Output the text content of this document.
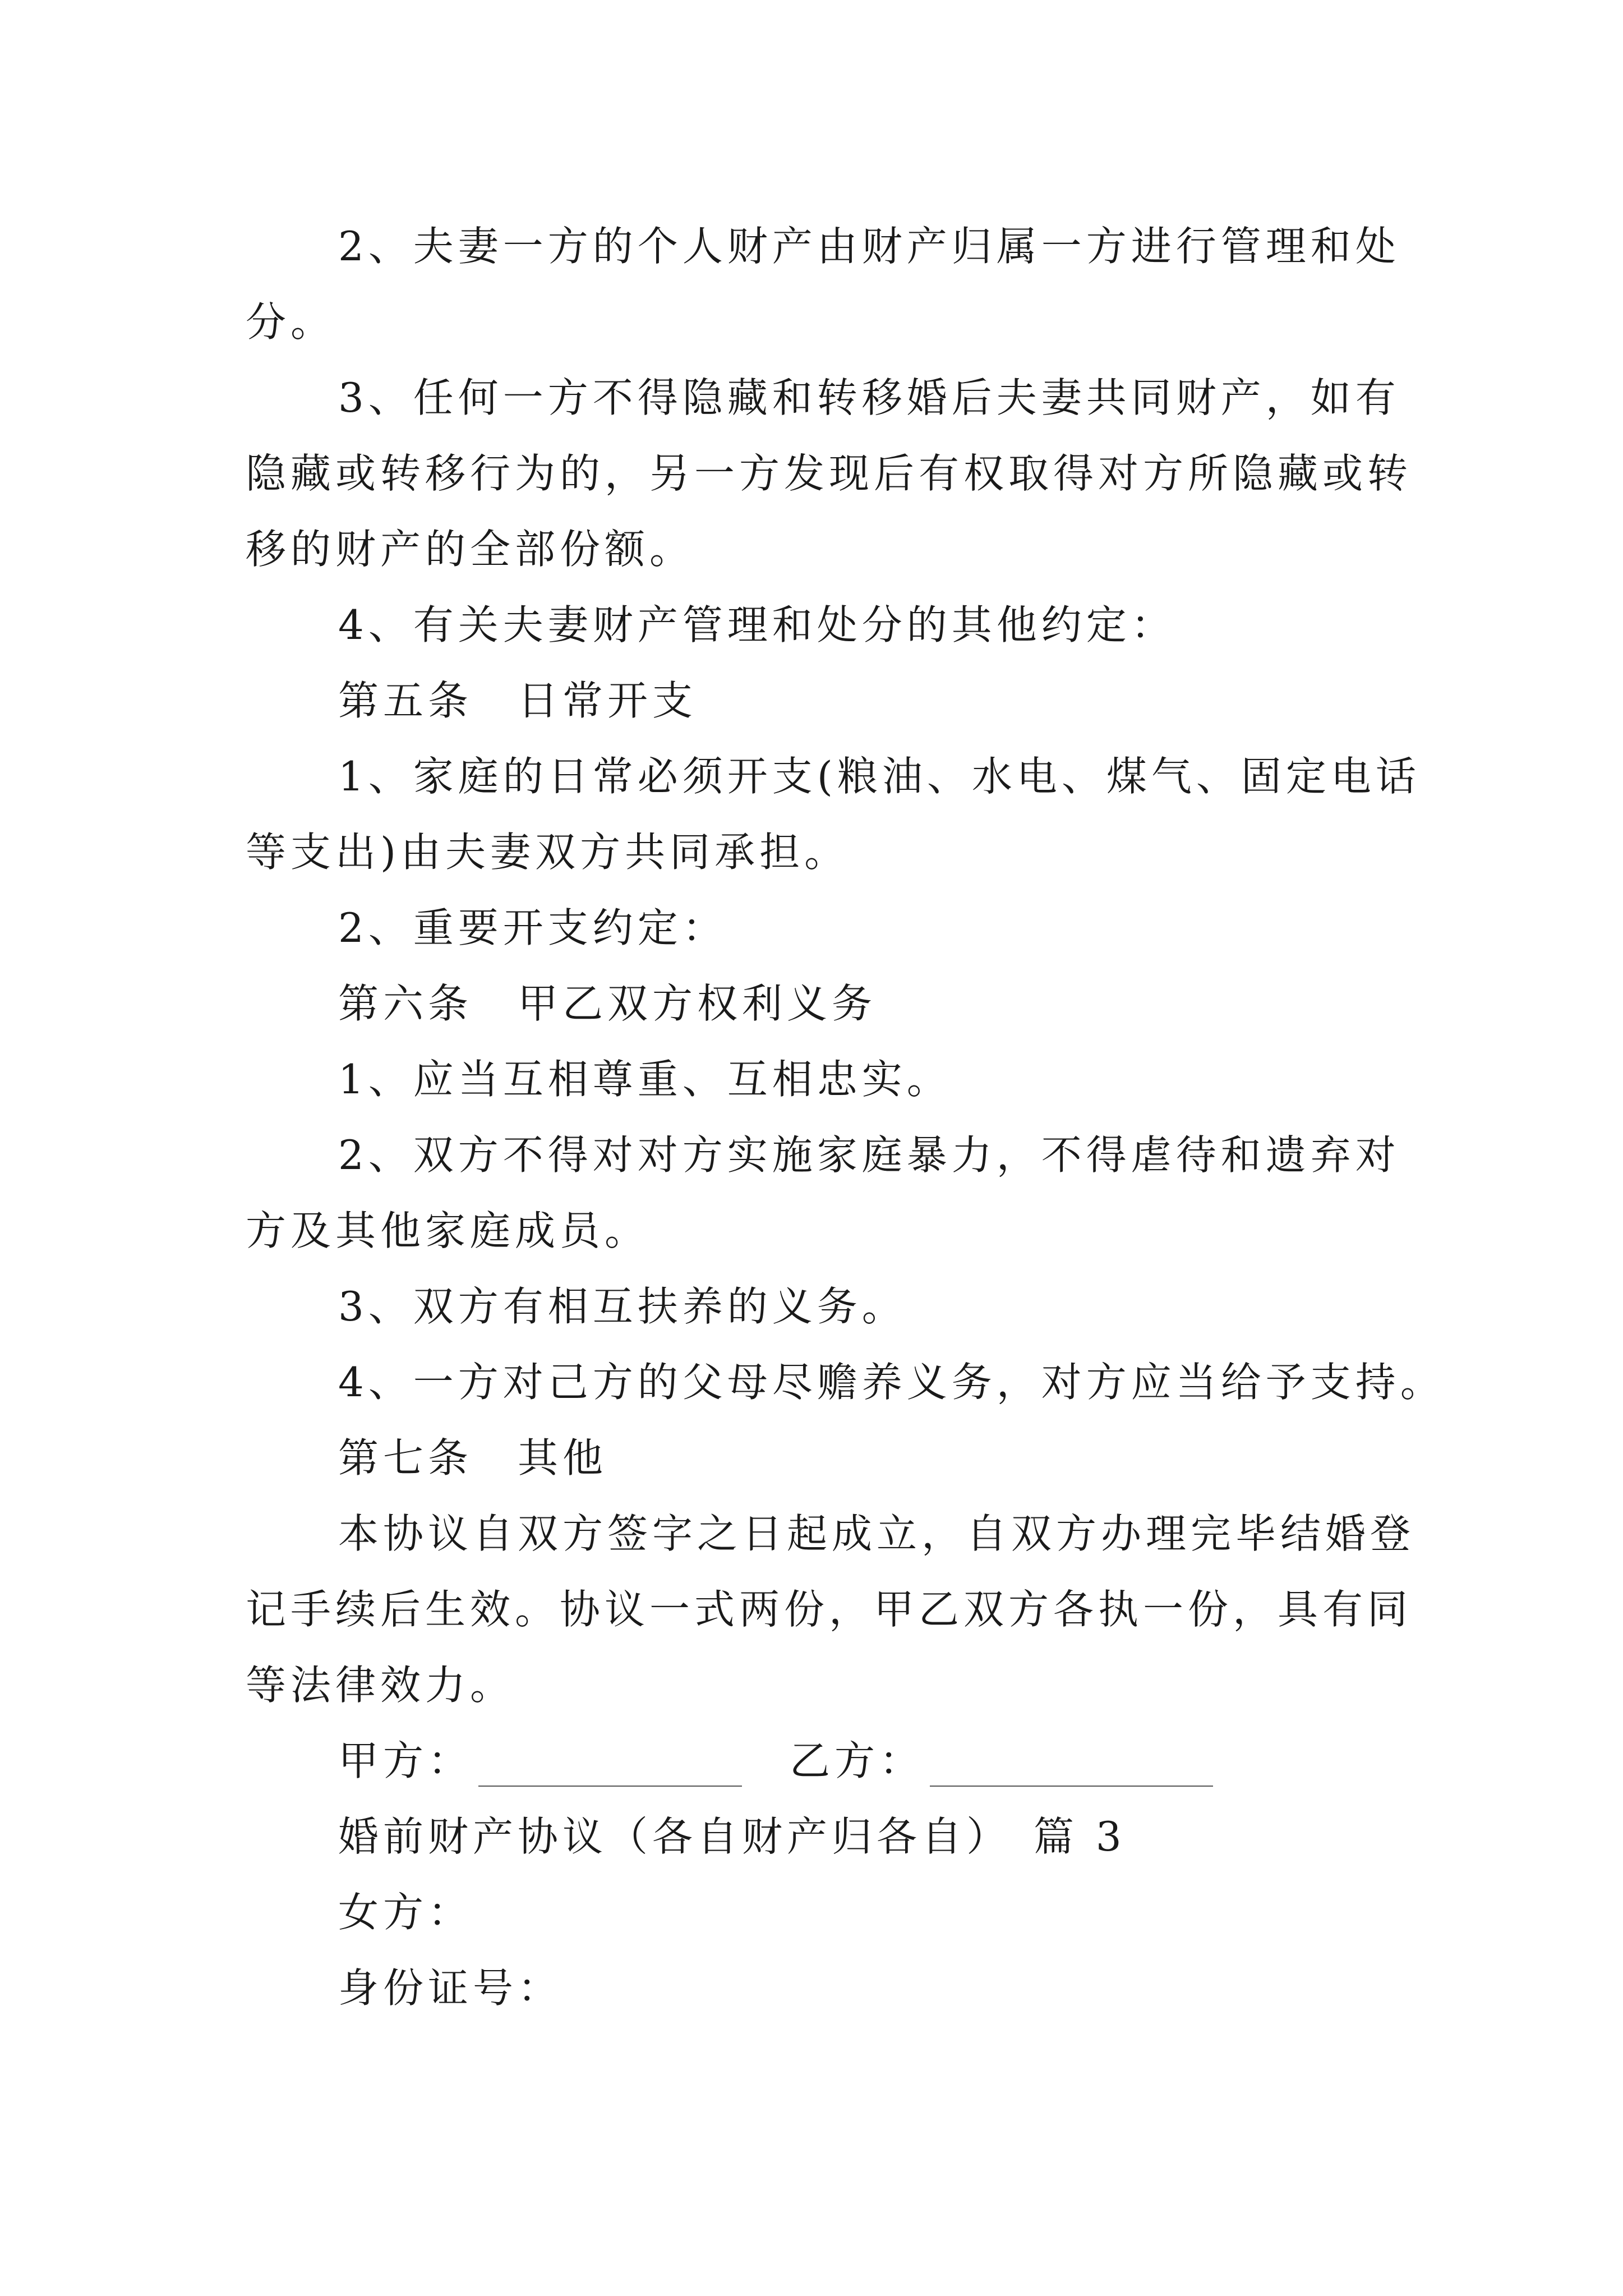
2、夫妻一方的个人财产由财产归属一方进行管理和处
分。
3、任何一方不得隐藏和转移婚后夫妻共同财产，如有
隐藏或转移行为的，另一方发现后有权取得对方所隐藏或转
移的财产的全部份额。
4、有关夫妻财产管理和处分的其他约定：
第五条 日常开支
1、家庭的日常必须开支(粮油、水电、煤气、固定电话
等支出)由夫妻双方共同承担。
2、重要开支约定：
第六条 甲乙双方权利义务
1、应当互相尊重、互相忠实。
2、双方不得对对方实施家庭暴力，不得虐待和遗弃对
方及其他家庭成员。
3、双方有相互扶养的义务。
4、一方对己方的父母尽赡养义务，对方应当给予支持。
第七条 其他
本协议自双方签字之日起成立，自双方办理完毕结婚登
记手续后生效。协议一式两份，甲乙双方各执一份，具有同
等法律效力。
甲方：	乙方：
婚前财产协议（各自财产归各自） 篇 3
女方：
身份证号：
